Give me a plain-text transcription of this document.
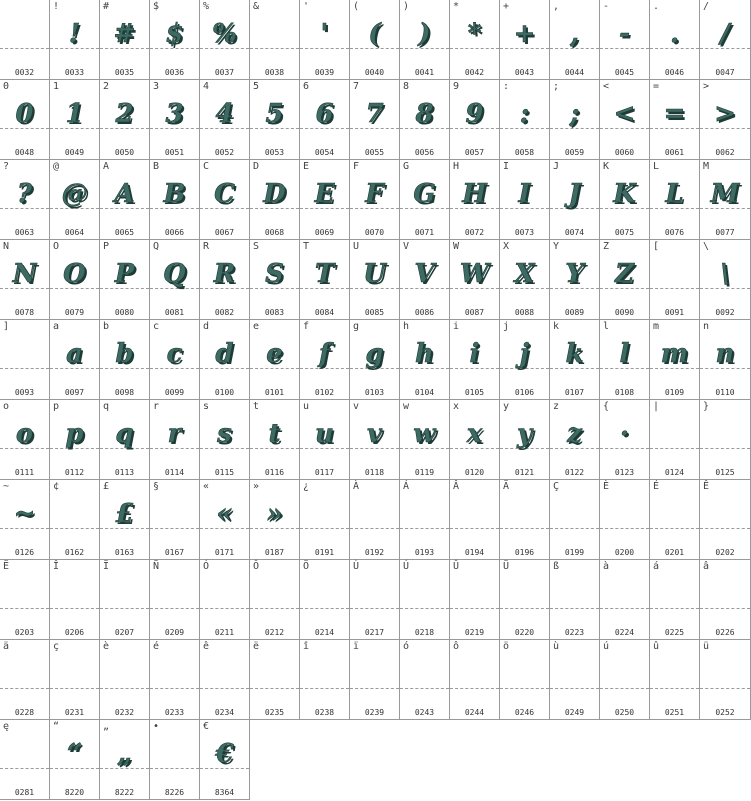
0032
!
!
0033
#
#
0035
$
$
0036
%
%
0037
&
0038
'
'
0039
(
(
0040
)
)
0041
*
*
0042
+
+
0043
,
,
0044
-
-
0045
.
.
0046
/
/
0047
0
0
0048
1
1
0049
2
2
0050
3
3
0051
4
4
0052
5
5
0053
6
6
0054
7
7
0055
8
8
0056
9
9
0057
:
:
0058
;
;
0059
<
<
0060
=
=
0061
>
>
0062
?
?
0063
@
@
0064
A
A
0065
B
B
0066
C
C
0067
D
D
0068
E
E
0069
F
F
0070
G
G
0071
H
H
0072
I
I
0073
J
J
0074
K
K
0075
L
L
0076
M
M
0077
N
N
0078
O
O
0079
P
P
0080
Q
Q
0081
R
R
0082
S
S
0083
T
T
0084
U
U
0085
V
V
0086
W
W
0087
X
X
0088
Y
Y
0089
Z
Z
0090
[
0091
\
\
0092
]
0093
a
a
0097
b
b
0098
c
c
0099
d
d
0100
e
e
0101
f
f
0102
g
g
0103
h
h
0104
i
i
0105
j
j
0106
k
k
0107
l
l
0108
m
m
0109
n
n
0110
o
o
0111
p
p
0112
q
q
0113
r
r
0114
s
s
0115
t
t
0116
u
u
0117
v
v
0118
w
w
0119
x
x
0120
y
y
0121
z
z
0122
{
·
0123
|
0124
}
0125
~
~
0126
¢
0162
£
£
0163
§
0167
«
«
0171
»
»
0187
¿
0191
À
0192
Á
0193
Â
0194
Ä
0196
Ç
0199
È
0200
É
0201
Ê
0202
Ë
0203
Î
0206
Ï
0207
Ñ
0209
Ó
0211
Ô
0212
Ö
0214
Ù
0217
Ú
0218
Û
0219
Ü
0220
ß
0223
à
0224
á
0225
â
0226
ä
0228
ç
0231
è
0232
é
0233
ê
0234
ë
0235
î
0238
ï
0239
ó
0243
ô
0244
ö
0246
ù
0249
ú
0250
û
0251
ü
0252
ę
0281
“
“
8220
„
„
8222
•
8226
€
€
8364
